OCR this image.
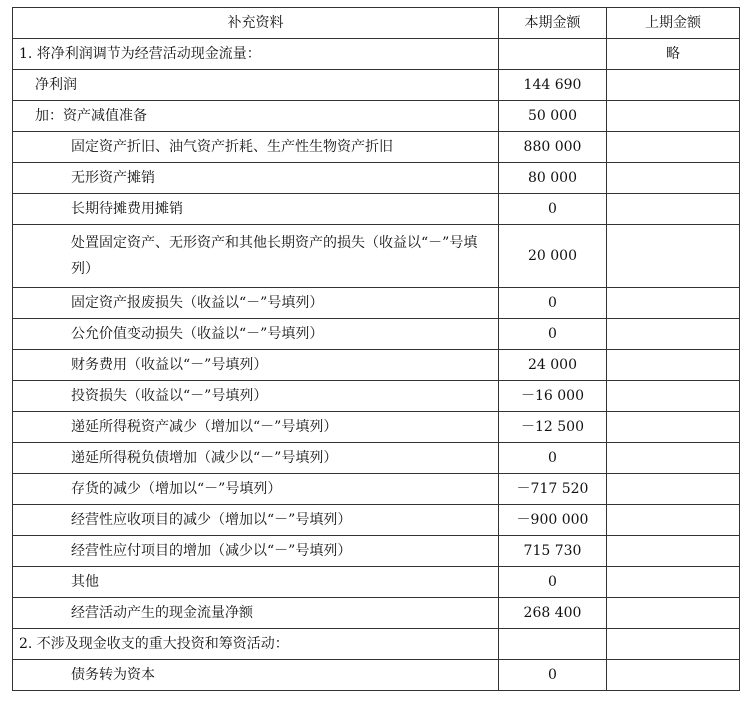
补充资料	本期金额	上期金额
1. 将净利润调节为经营活动现金流量：		略
净利润	144 690	
加：资产减值准备	50 000	
固定资产折旧、油气资产折耗、生产性生物资产折旧	880 000	
无形资产摊销	80 000	
长期待摊费用摊销	0	
处置固定资产、无形资产和其他长期资产的损失（收益以“－”号填列）	20 000	
固定资产报废损失（收益以“－”号填列）	0	
公允价值变动损失（收益以“－”号填列）	0	
财务费用（收益以“－”号填列）	24 000	
投资损失（收益以“－”号填列）	－16 000	
递延所得税资产减少（增加以“－”号填列）	－12 500	
递延所得税负债增加（减少以“－”号填列）	0	
存货的减少（增加以“－”号填列）	－717 520	
经营性应收项目的减少（增加以“－”号填列）	－900 000	
经营性应付项目的增加（减少以“－”号填列）	715 730	
其他	0	
经营活动产生的现金流量净额	268 400	
2. 不涉及现金收支的重大投资和筹资活动：		
债务转为资本	0	
